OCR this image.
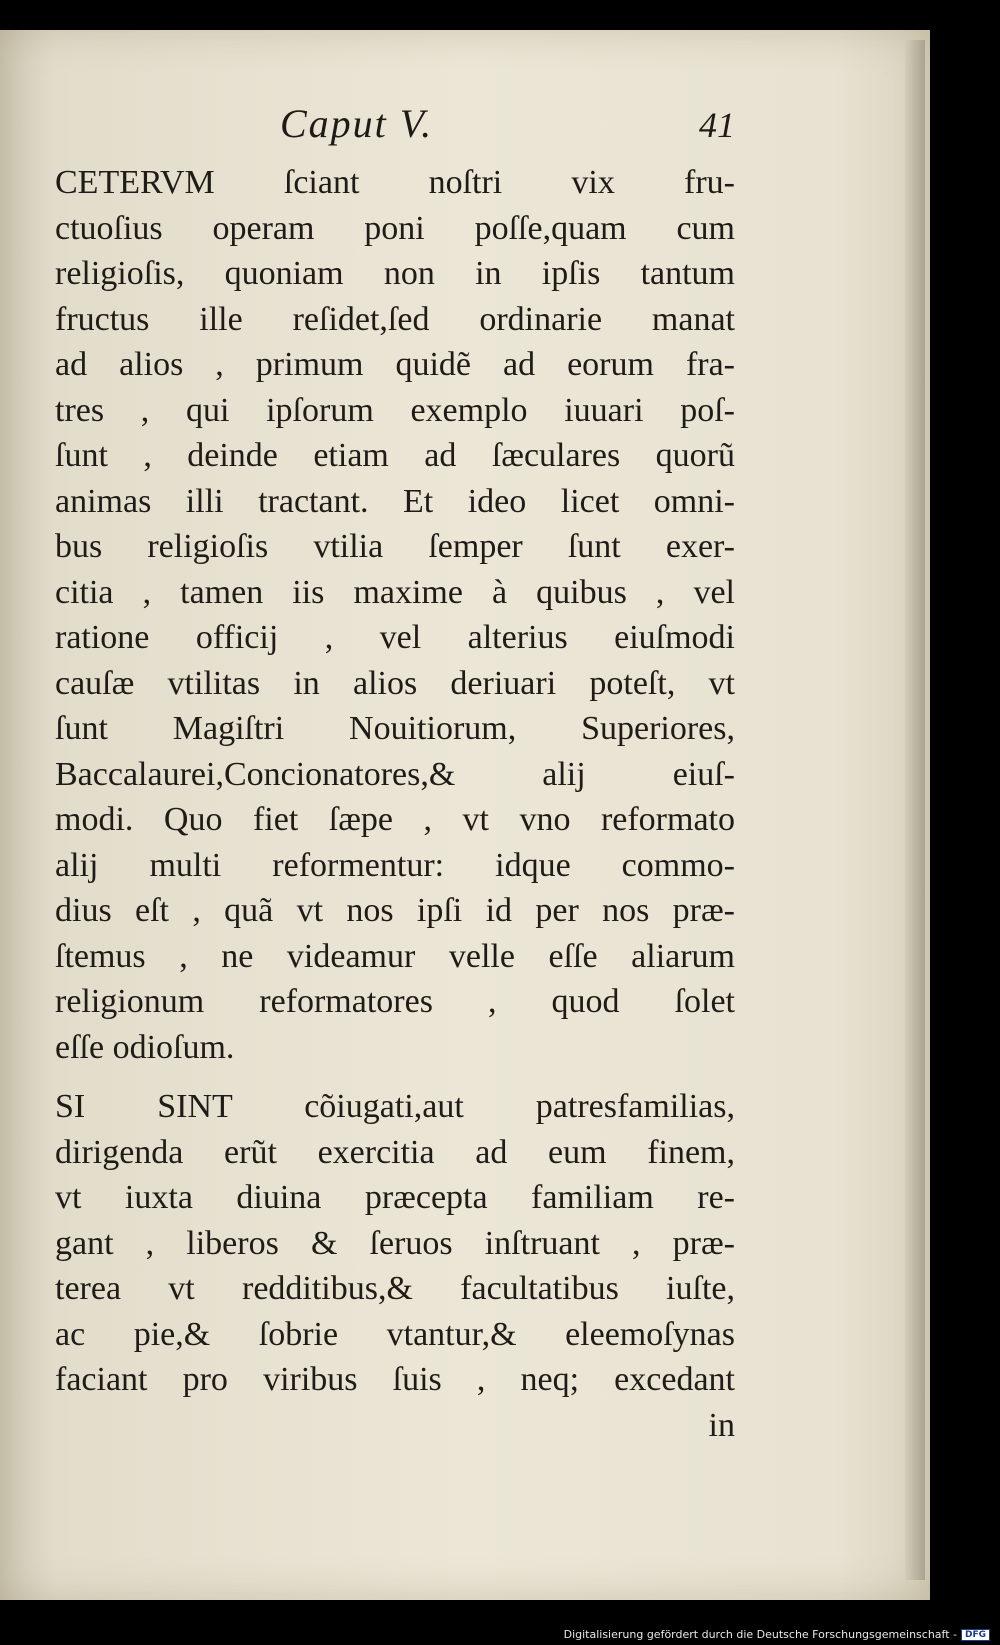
Caput V.	41
CETERVM ſciant noſtri vix fru-
ctuoſius operam poni poſſe,quam cum
religioſis, quoniam non in ipſis tantum
fructus ille reſidet,ſed ordinarie manat
ad alios , primum quidẽ ad eorum fra-
tres , qui ipſorum exemplo iuuari poſ-
ſunt , deinde etiam ad ſæculares quorũ
animas illi tractant. Et ideo licet omni-
bus religioſis vtilia ſemper ſunt exer-
citia , tamen iis maxime à quibus , vel
ratione officij , vel alterius eiuſmodi
cauſæ vtilitas in alios deriuari poteſt, vt
ſunt Magiſtri Nouitiorum, Superiores,
Baccalaurei,Concionatores,& alij eiuſ-
modi. Quo fiet ſæpe , vt vno reformato
alij multi reformentur: idque commo-
dius eſt , quã vt nos ipſi id per nos præ-
ſtemus , ne videamur velle eſſe aliarum
religionum reformatores , quod ſolet
eſſe odioſum.
SI SINT cõiugati,aut patresfamilias,
dirigenda erũt exercitia ad eum finem,
vt iuxta diuina præcepta familiam re-
gant , liberos & ſeruos inſtruant , præ-
terea vt redditibus,& facultatibus iuſte,
ac pie,& ſobrie vtantur,& eleemoſynas
faciant pro viribus ſuis , neq; excedant
in
Digitalisierung gefördert durch die Deutsche Forschungsgemeinschaft - DFG
